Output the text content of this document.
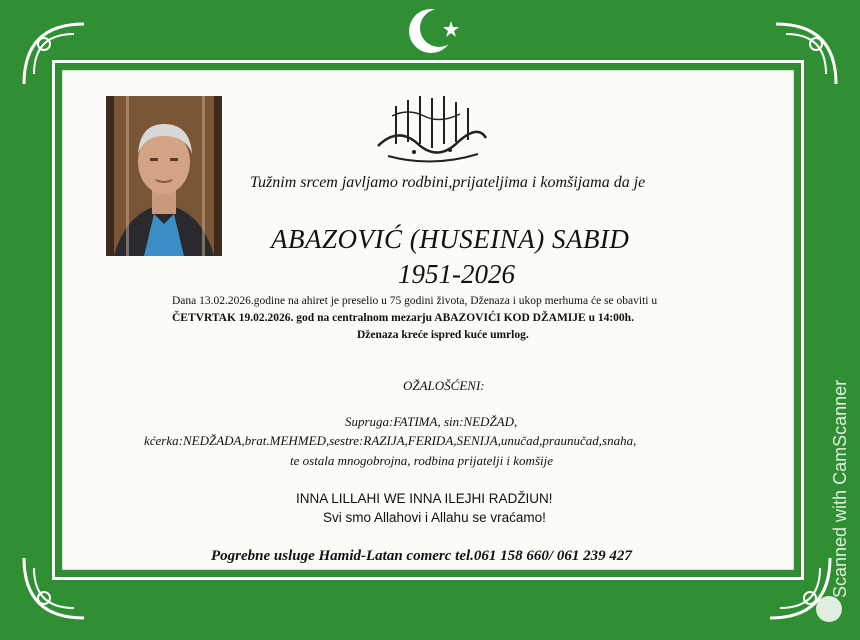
Tužnim srcem javljamo rodbini,prijateljima i komšijama da je
ABAZOVIĆ (HUSEINA) SABID
1951-2026
Dana 13.02.2026.godine na ahiret je preselio u 75 godini života, Dženaza i ukop merhuma će se obaviti u
ČETVRTAK 19.02.2026. god na centralnom mezarju ABAZOVIĆI KOD DŽAMIJE u 14:00h.
Dženaza kreće ispred kuće umrlog.
OŽALOŠĆENI:
Supruga:FATIMA, sin:NEDŽAD,
kćerka:NEDŽADA,brat.MEHMED,sestre:RAZIJA,FERIDA,SENIJA,unučad,praunučad,snaha,
te ostala mnogobrojna, rodbina prijatelji i komšije
INNA LILLAHI WE INNA ILEJHI RADŽIUN!
Svi smo Allahovi i Allahu se vraćamo!
Pogrebne usluge Hamid-Latan comerc tel.061 158 660/ 061 239 427	Scanned with CamScanner
